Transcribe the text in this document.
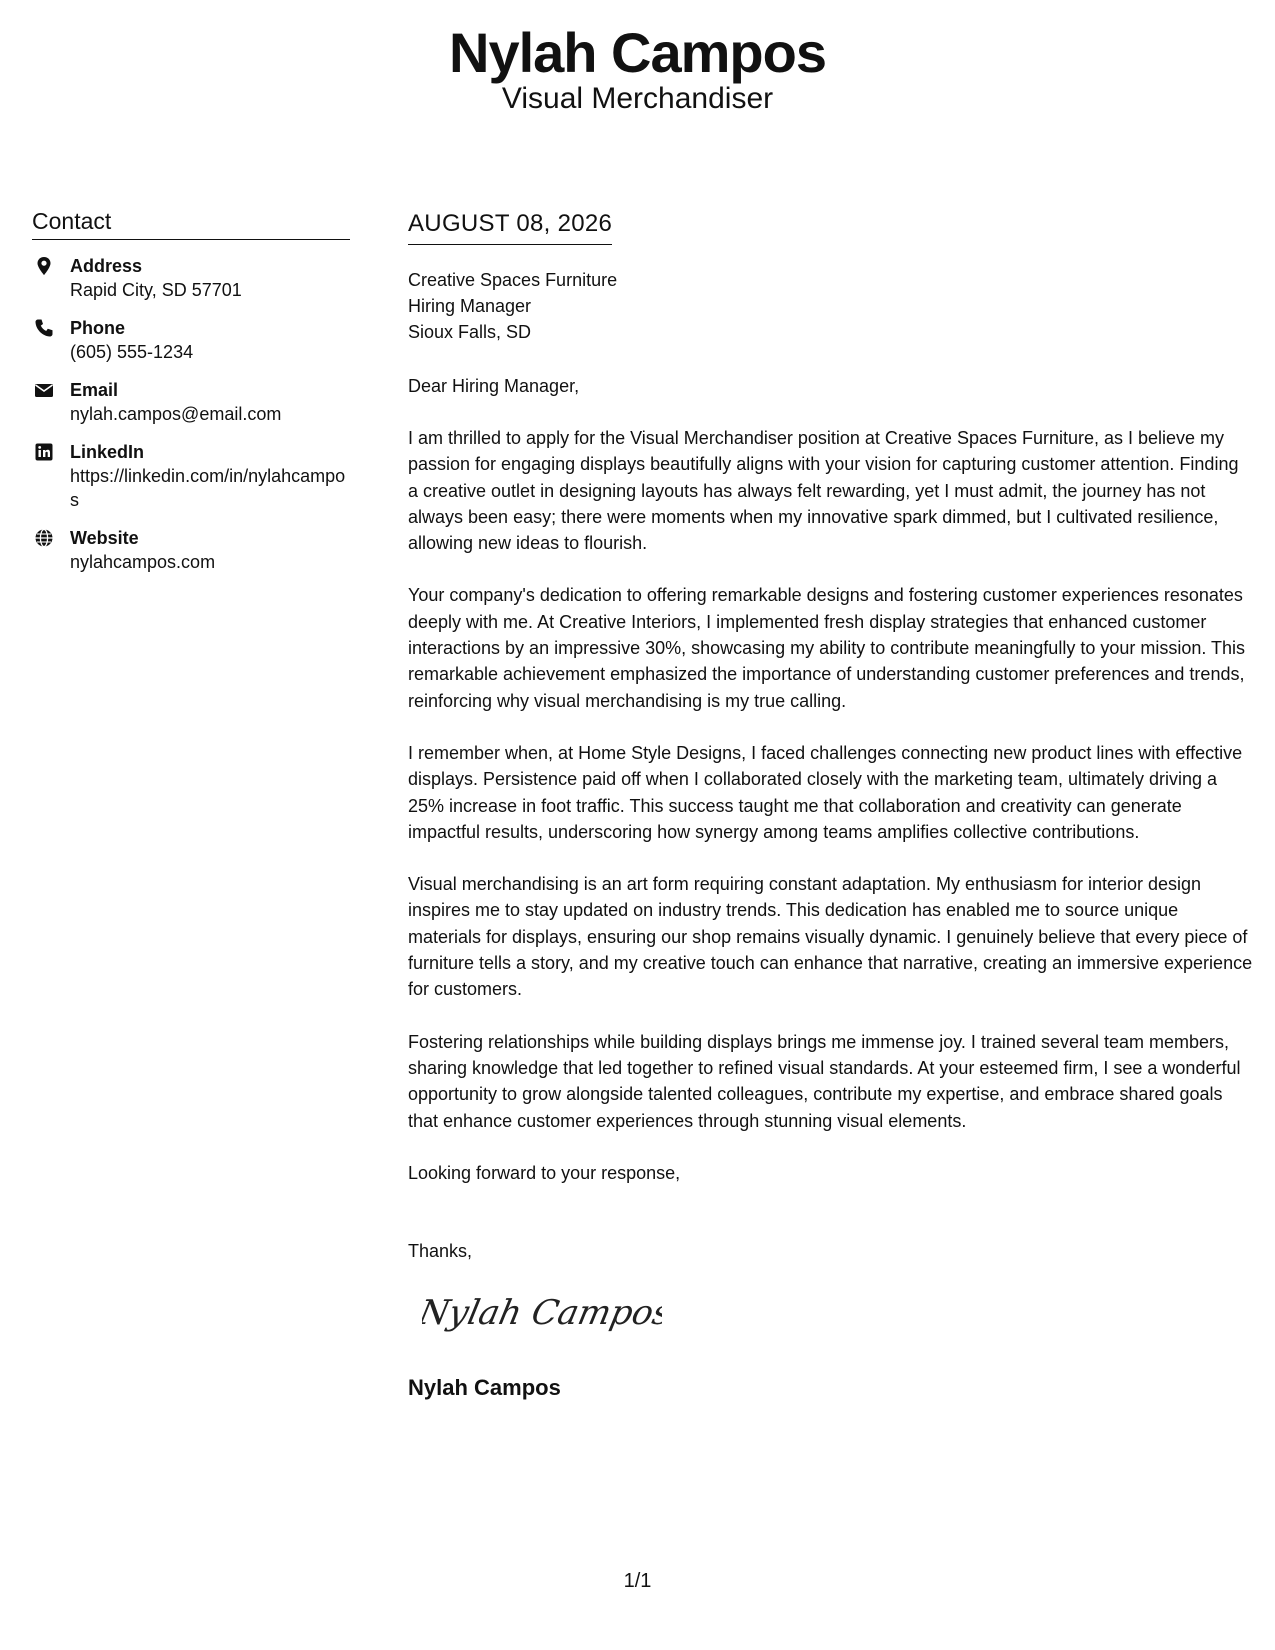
Nylah Campos
Visual Merchandiser
Contact
Address
Rapid City, SD 57701
Phone
(605) 555-1234
Email
nylah.campos@email.com
LinkedIn
https://linkedin.com/in/nylahcampos
Website
nylahcampos.com
AUGUST 08, 2026
Creative Spaces Furniture
Hiring Manager
Sioux Falls, SD
Dear Hiring Manager,

I am thrilled to apply for the Visual Merchandiser position at Creative Spaces Furniture, as I believe my passion for engaging displays beautifully aligns with your vision for capturing customer attention. Finding a creative outlet in designing layouts has always felt rewarding, yet I must admit, the journey has not always been easy; there were moments when my innovative spark dimmed, but I cultivated resilience, allowing new ideas to flourish.

Your company's dedication to offering remarkable designs and fostering customer experiences resonates deeply with me. At Creative Interiors, I implemented fresh display strategies that enhanced customer interactions by an impressive 30%, showcasing my ability to contribute meaningfully to your mission. This remarkable achievement emphasized the importance of understanding customer preferences and trends, reinforcing why visual merchandising is my true calling.

I remember when, at Home Style Designs, I faced challenges connecting new product lines with effective displays. Persistence paid off when I collaborated closely with the marketing team, ultimately driving a 25% increase in foot traffic. This success taught me that collaboration and creativity can generate impactful results, underscoring how synergy among teams amplifies collective contributions.

Visual merchandising is an art form requiring constant adaptation. My enthusiasm for interior design inspires me to stay updated on industry trends. This dedication has enabled me to source unique materials for displays, ensuring our shop remains visually dynamic. I genuinely believe that every piece of furniture tells a story, and my creative touch can enhance that narrative, creating an immersive experience for customers.

Fostering relationships while building displays brings me immense joy. I trained several team members, sharing knowledge that led together to refined visual standards. At your esteemed firm, I see a wonderful opportunity to grow alongside talented colleagues, contribute my expertise, and embrace shared goals that enhance customer experiences through stunning visual elements.

Looking forward to your response,
Thanks,
Nylah Campos
Nylah Campos
1/1
